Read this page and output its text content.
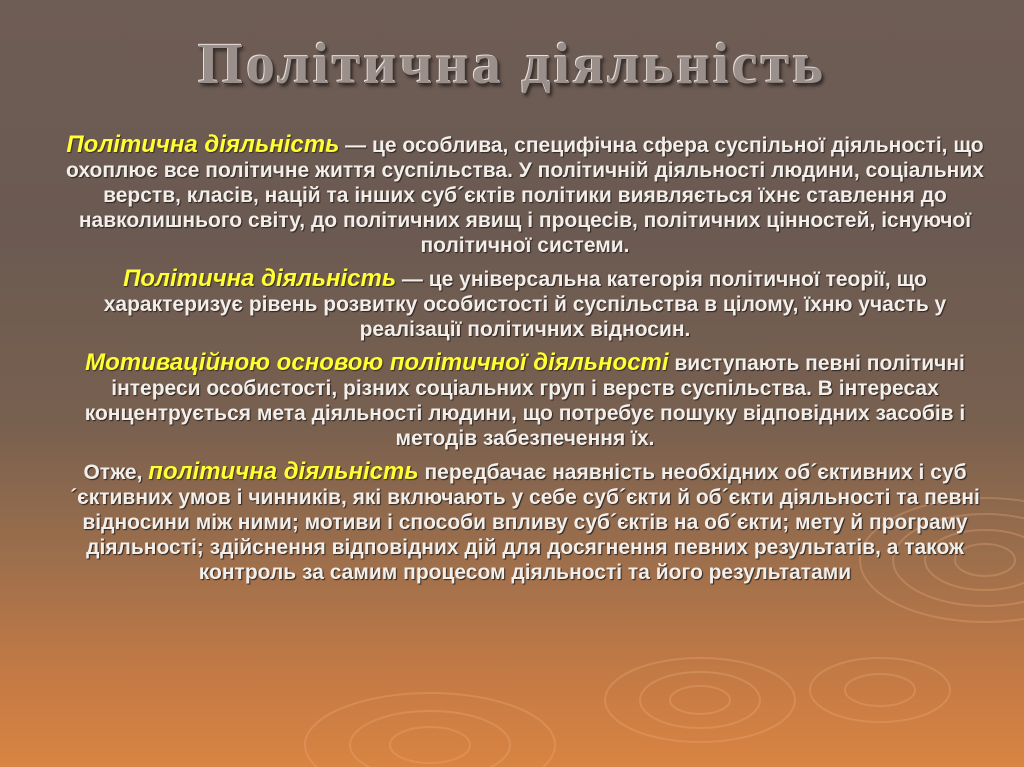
Політична діяльність

Політична діяльність — це особлива, специфічна сфера суспільної діяльності, що охоплює все політичне життя суспільства. У політичній діяльності людини, соціальних верств, класів, націй та інших суб´єктів політики виявляється їхнє ставлення до навколишнього світу, до політичних явищ і процесів, політичних цінностей, існуючої політичної системи.

Політична діяльність — це універсальна категорія політичної теорії, що характеризує рівень розвитку особистості й суспільства в цілому, їхню участь у реалізації політичних відносин.

Мотиваційною основою політичної діяльності виступають певні політичні інтереси особистості, різних соціальних груп і верств суспільства. В інтересах концентрується мета діяльності людини, що потребує пошуку відповідних засобів і методів забезпечення їх.

Отже, політична діяльність передбачає наявність необхідних об´єктивних і суб´єктивних умов і чинників, які включають у себе суб´єкти й об´єкти діяльності та певні відносини між ними; мотиви і способи впливу суб´єктів на об´єкти; мету й програму діяльності; здійснення відповідних дій для досягнення певних результатів, а також контроль за самим процесом діяльності та його результатами
